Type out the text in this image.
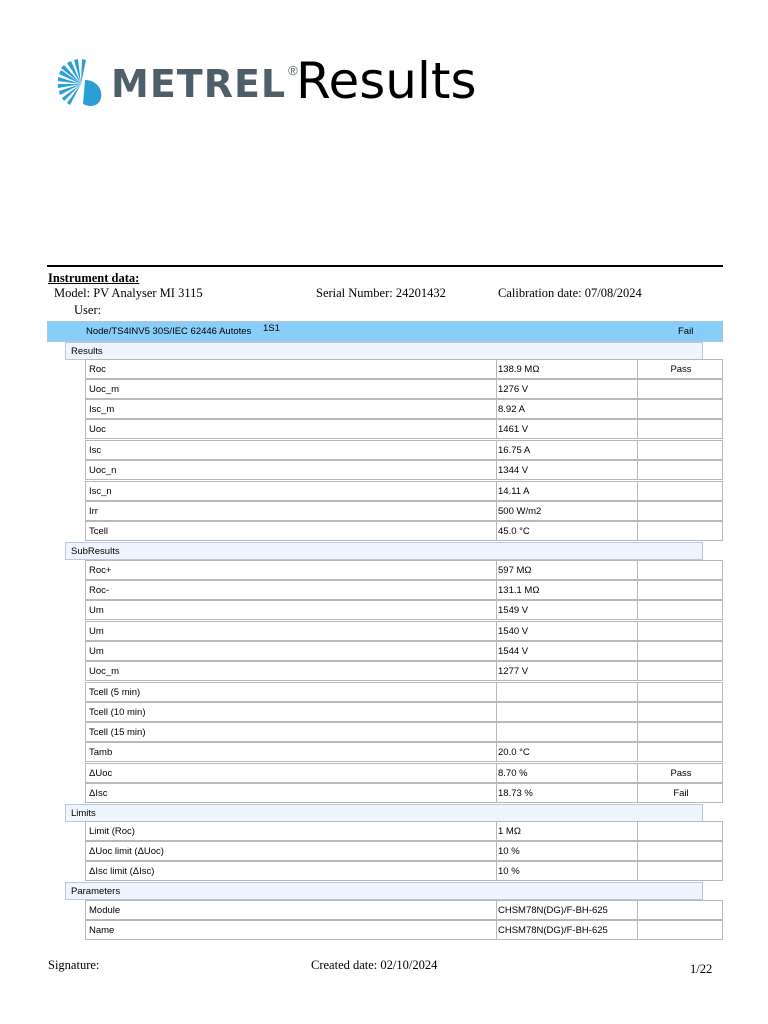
METREL ®
Results
Instrument data:
Model: PV Analyser MI 3115	Serial Number: 24201432	Calibration date: 07/08/2024
User:
Node/TS4INV5 30S/IEC 62446 Autotes 1S1	Fail
Results
Roc	138.9 MΩ	Pass
Uoc_m	1276 V
Isc_m	8.92 A
Uoc	1461 V
Isc	16.75 A
Uoc_n	1344 V
Isc_n	14.11 A
Irr	500 W/m2
Tcell	45.0 °C
SubResults
Roc+	597 MΩ
Roc-	131.1 MΩ
Um	1549 V
Um	1540 V
Um	1544 V
Uoc_m	1277 V
Tcell (5 min)
Tcell (10 min)
Tcell (15 min)
Tamb	20.0 °C
ΔUoc	8.70 %	Pass
ΔIsc	18.73 %	Fail
Limits
Limit (Roc)	1 MΩ
ΔUoc limit (ΔUoc)	10 %
ΔIsc limit (ΔIsc)	10 %
Parameters
Module	CHSM78N(DG)/F-BH-625
Name	CHSM78N(DG)/F-BH-625
Signature:	Created date: 02/10/2024	1/22
